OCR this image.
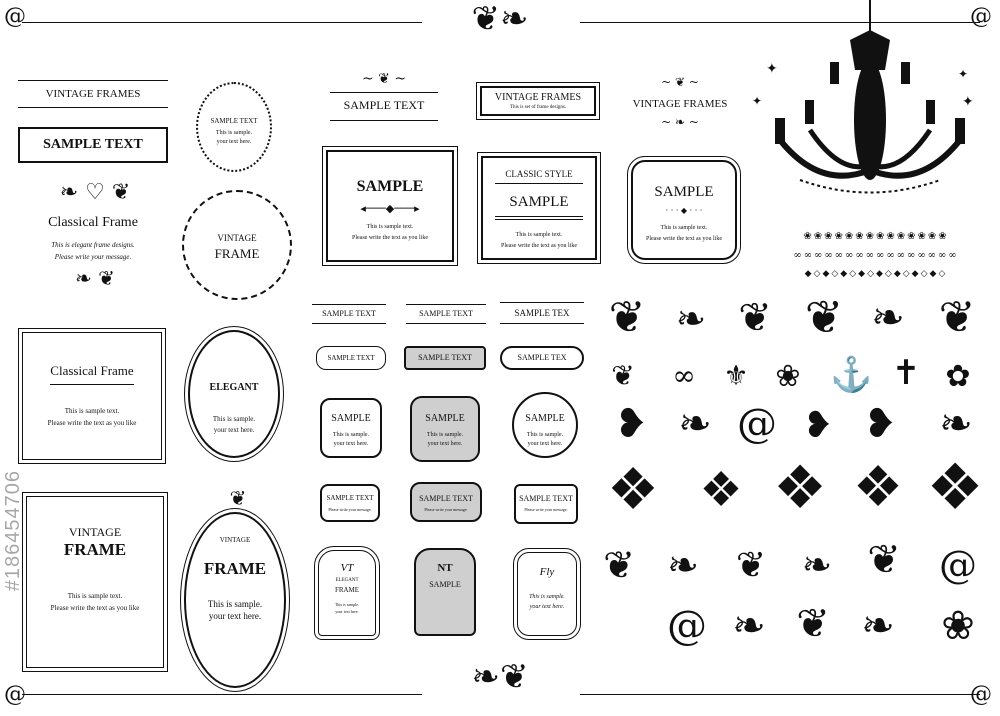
❦❧
❧❦
@	@
@	@
#186454706
VINTAGE FRAMES
SAMPLE TEXT
❧ ♡ ❦
Classical Frame
This is elegant frame designs.
Please write your message.
❧ ❦
Classical Frame
This is sample text.
Please write the text as you like
VINTAGE
FRAME
This is sample text.
Please write the text as you like
SAMPLE TEXT
This is sample.
your text here.
VINTAGE
FRAME
ELEGANT
This is sample.
your text here.
❦
VINTAGE
FRAME
This is sample.
your text here.
~ ❦ ~
SAMPLE TEXT
SAMPLE
◂───◆───▸
This is sample text.
Please write the text as you like
VINTAGE FRAMES
This is set of frame designs.
CLASSIC STYLE
SAMPLE
This is sample text.
Please write the text as you like
~ ❦ ~
VINTAGE FRAMES
~ ❧ ~
SAMPLE
· · · ◆ · · ·
This is sample text.
Please write the text as you like
SAMPLE TEXT	SAMPLE TEXT	SAMPLE TEX
SAMPLE TEXT	SAMPLE TEXT	SAMPLE TEX
SAMPLE
This is sample.
your text here.
SAMPLE
This is sample.
your text here.
SAMPLE
This is sample.
your text here.
SAMPLE TEXT
Please write your message.
SAMPLE TEXT
Please write your message.
SAMPLE TEXT
Please write your message.
VT
ELEGANT
FRAME
This is sample.
your text here.
NT
SAMPLE
Fly
This is sample.
your text here.
✦
✦
✦
✦
❀❀❀❀❀❀❀❀❀❀❀❀❀❀
∞∞∞∞∞∞∞∞∞∞∞∞∞∞∞∞
◆◇◆◇◆◇◆◇◆◇◆◇◆◇◆◇
❦ ❧ ❦ ❦ ❧ ❦
❦ ∞ ⚜ ❀ ⚓ ✝ ✿
❥ ❧ @ ❥ ❥ ❧
❖ ❖ ❖ ❖ ❖
❦ ❧	❦ ❧ ❦ @
@ ❧ ❦ ❧ ❀
